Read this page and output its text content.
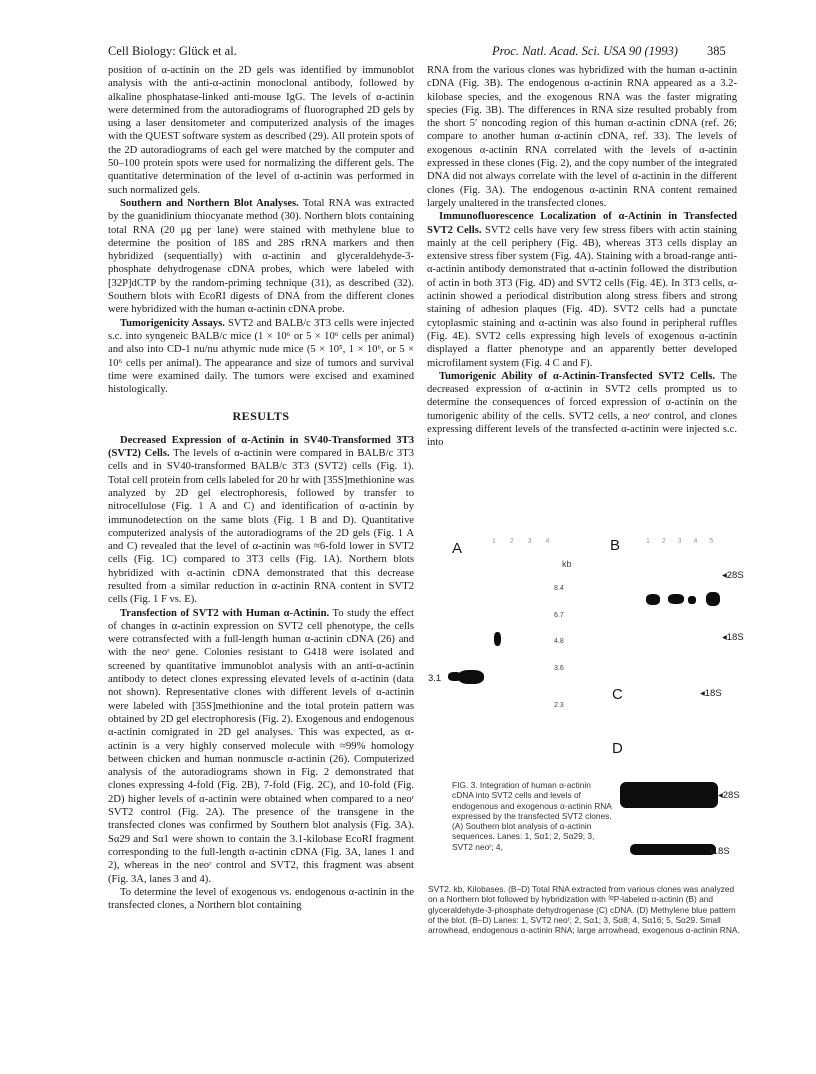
Cell Biology: Glück et al.	Proc. Natl. Acad. Sci. USA 90 (1993) 385

position of α-actinin on the 2D gels was identified by immunoblot analysis with the anti-α-actinin monoclonal antibody, followed by alkaline phosphatase-linked anti-mouse IgG. The levels of α-actinin were determined from the autoradiograms of fluorographed 2D gels by using a laser densitometer and computerized analysis of the images with the QUEST software system as described (29). All protein spots of the 2D autoradiograms of each gel were matched by the computer and 50–100 protein spots were used for normalizing the different gels. The quantitative determination of the level of α-actinin was performed in such normalized gels.

Southern and Northern Blot Analyses. Total RNA was extracted by the guanidinium thiocyanate method (30). Northern blots containing total RNA (20 μg per lane) were stained with methylene blue to determine the position of 18S and 28S rRNA markers and then hybridized (sequentially) with α-actinin and glyceraldehyde-3-phosphate dehydrogenase cDNA probes, which were labeled with [32P]dCTP by the random-priming technique (31), as described (32). Southern blots with EcoRI digests of DNA from the different clones were hybridized with the human α-actinin cDNA probe.

Tumorigenicity Assays. SVT2 and BALB/c 3T3 cells were injected s.c. into syngeneic BALB/c mice (1 × 10⁶ or 5 × 10⁶ cells per animal) and also into CD-1 nu/nu athymic nude mice (5 × 10⁵, 1 × 10⁶, or 5 × 10⁶ cells per animal). The appearance and size of tumors and survival time were examined daily. The tumors were excised and examined histologically.

RESULTS

Decreased Expression of α-Actinin in SV40-Transformed 3T3 (SVT2) Cells. The levels of α-actinin were compared in BALB/c 3T3 cells and in SV40-transformed BALB/c 3T3 (SVT2) cells (Fig. 1). Total cell protein from cells labeled for 20 hr with [35S]methionine was analyzed by 2D gel electrophoresis, followed by transfer to nitrocellulose (Fig. 1 A and C) and identification of α-actinin by immunodetection on the same blots (Fig. 1 B and D). Quantitative computerized analysis of the autoradiograms of the 2D gels (Fig. 1 A and C) revealed that the level of α-actinin was ≈6-fold lower in SVT2 cells (Fig. 1C) compared to 3T3 cells (Fig. 1A). Northern blots hybridized with α-actinin cDNA demonstrated that this decrease resulted from a similar reduction in α-actinin RNA content in SVT2 cells (Fig. 1 F vs. E).

Transfection of SVT2 with Human α-Actinin. To study the effect of changes in α-actinin expression on SVT2 cell phenotype, the cells were cotransfected with a full-length human α-actinin cDNA (26) and with the neoʳ gene. Colonies resistant to G418 were isolated and screened by quantitative immunoblot analysis with an anti-α-actinin antibody to detect clones expressing elevated levels of α-actinin (data not shown). Representative clones with different levels of α-actinin were labeled with [35S]methionine and the total protein pattern was obtained by 2D gel electrophoresis (Fig. 2). Exogenous and endogenous α-actinin comigrated in 2D gel analyses. This was expected, as α-actinin is a very highly conserved molecule with ≈99% homology between chicken and human nonmuscle α-actinin (26). Computerized analysis of the autoradiograms shown in Fig. 2 demonstrated that clones expressing 4-fold (Fig. 2B), 7-fold (Fig. 2C), and 10-fold (Fig. 2D) higher levels of α-actinin were obtained when compared to a neoʳ SVT2 control (Fig. 2A). The presence of the transgene in the transfected clones was confirmed by Southern blot analysis (Fig. 3A). Sα29 and Sα1 were shown to contain the 3.1-kilobase EcoRI fragment corresponding to the full-length α-actinin cDNA (Fig. 3A, lanes 1 and 2), whereas in the neoʳ control and SVT2, this fragment was absent (Fig. 3A, lanes 3 and 4).

To determine the level of exogenous vs. endogenous α-actinin in the transfected clones, a Northern blot containing

RNA from the various clones was hybridized with the human α-actinin cDNA (Fig. 3B). The endogenous α-actinin RNA appeared as a 3.2-kilobase species, and the exogenous RNA was the faster migrating species (Fig. 3B). The differences in RNA size resulted probably from the short 5′ noncoding region of this human α-actinin cDNA (ref. 26; compare to another human α-actinin cDNA, ref. 33). The levels of exogenous α-actinin RNA correlated with the levels of α-actinin expressed in these clones (Fig. 2), and the copy number of the integrated DNA did not always correlate with the level of α-actinin in the different clones (Fig. 3A). The endogenous α-actinin RNA content remained largely unaltered in the transfected clones.

Immunofluorescence Localization of α-Actinin in Transfected SVT2 Cells. SVT2 cells have very few stress fibers with actin staining mainly at the cell periphery (Fig. 4B), whereas 3T3 cells display an extensive stress fiber system (Fig. 4A). Staining with a broad-range anti-α-actinin antibody demonstrated that α-actinin followed the distribution of actin in both 3T3 (Fig. 4D) and SVT2 cells (Fig. 4E). In 3T3 cells, α-actinin showed a periodical distribution along stress fibers and strong staining of adhesion plaques (Fig. 4D). SVT2 cells had a punctate cytoplasmic staining and α-actinin was also found in peripheral ruffles (Fig. 4E). SVT2 cells expressing high levels of exogenous α-actinin displayed a flatter phenotype and an apparently better developed microfilament system (Fig. 4 C and F).

Tumorigenic Ability of α-Actinin-Transfected SVT2 Cells. The decreased expression of α-actinin in SVT2 cells prompted us to determine the consequences of forced expression of α-actinin on the tumorigenic ability of the cells. SVT2 cells, a neoʳ control, and clones expressing different levels of the transfected α-actinin were injected s.c. into

A	1 2 3 4
kb
8.4
6.7
4.8
3.6
2.3
3.1
B	1 2 3 4 5
◂28S
◂18S
C	◂18S
D
◂28S
◂18S
FIG. 3. Integration of human α-actinin cDNA into SVT2 cells and levels of endogenous and exogenous α-actinin RNA expressed by the transfected SVT2 clones. (A) Southern blot analysis of α-actinin sequences. Lanes: 1, Sα1; 2, Sα29; 3, SVT2 neoʳ; 4,
SVT2. kb, Kilobases. (B–D) Total RNA extracted from various clones was analyzed on a Northern blot followed by hybridization with ³²P-labeled α-actinin (B) and glyceraldehyde-3-phosphate dehydrogenase (C) cDNA. (D) Methylene blue pattern of the blot. (B–D) Lanes: 1, SVT2 neoʳ; 2, Sα1; 3, Sα8; 4, Sα16; 5, Sα29. Small arrowhead, endogenous α-actinin RNA; large arrowhead, exogenous α-actinin RNA.
